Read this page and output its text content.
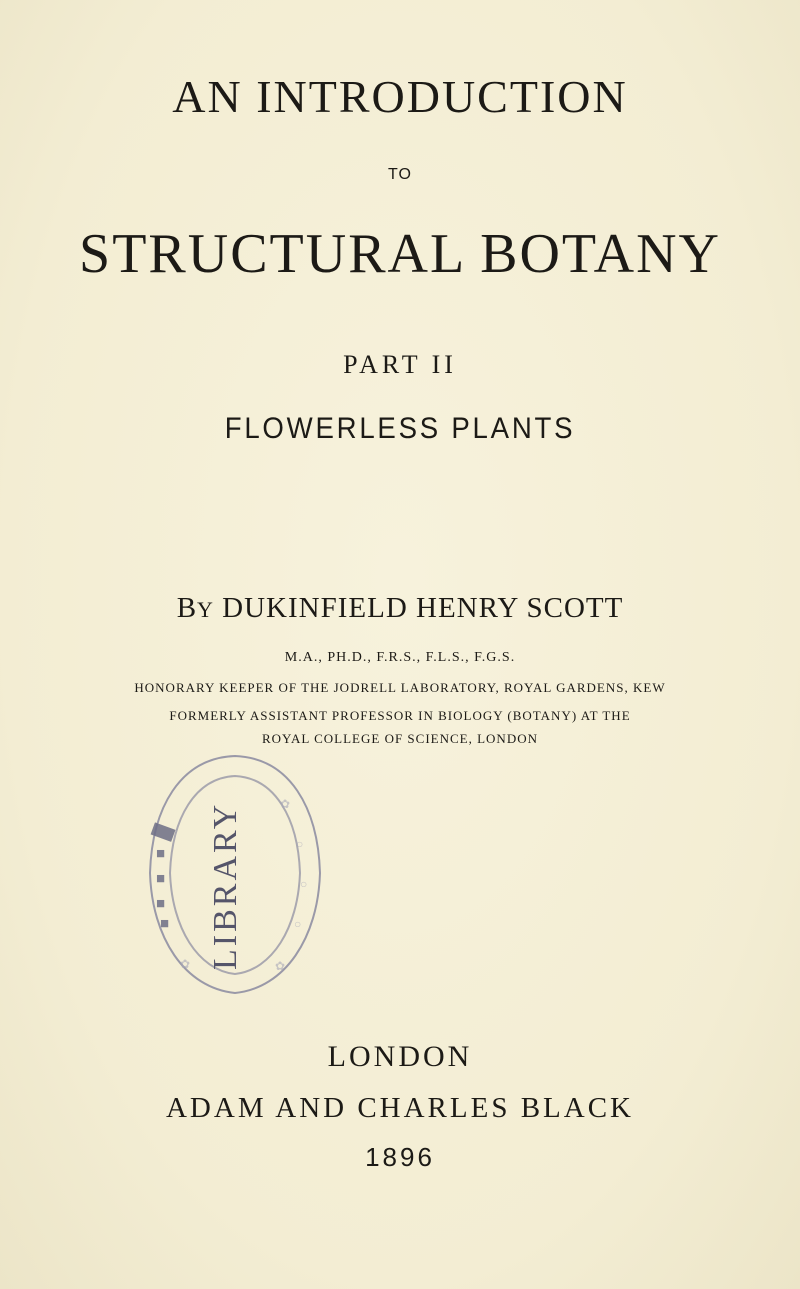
AN INTRODUCTION
TO
STRUCTURAL BOTANY
PART II
FLOWERLESS PLANTS
BY DUKINFIELD HENRY SCOTT
M.A., PH.D., F.R.S., F.L.S., F.G.S.
HONORARY KEEPER OF THE JODRELL LABORATORY, ROYAL GARDENS, KEW
FORMERLY ASSISTANT PROFESSOR IN BIOLOGY (BOTANY) AT THE
ROYAL COLLEGE OF SCIENCE, LONDON
LIBRARY
█
■
■
■
■
✿
○
○
○
✿	✿
LONDON
ADAM AND CHARLES BLACK
1896
